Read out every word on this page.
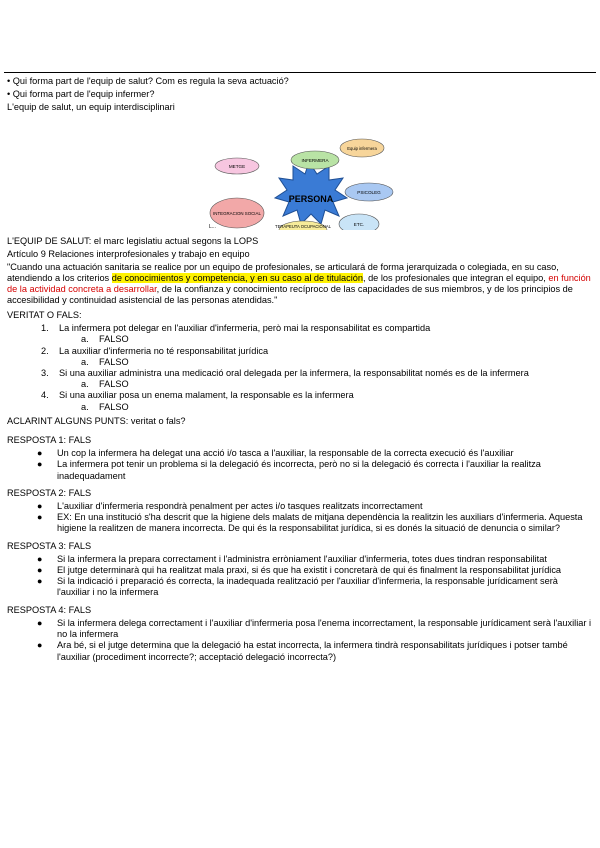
• Qui forma part de l'equip de salut? Com es regula la seva actuació?
• Qui forma part de l'equip infermer?
L'equip de salut, un equip interdisciplinari
PERSONA
METGE
INFERMERA
Equip infermera
PSICOLEG
INTEGRACION SOCIAL
TERAPEUTA OCUPACIONAL	ETC.
L...
L'EQUIP DE SALUT: el marc legislatiu actual segons la LOPS
Artículo 9 Relaciones interprofesionales y trabajo en equipo
"Cuando una actuación sanitaria se realice por un equipo de profesionales, se articulará de forma jerarquizada o colegiada, en su caso, atendiendo a los criterios de conocimientos y competencia, y en su caso al de titulación, de los profesionales que integran el equipo, en función de la actividad concreta a desarrollar, de la confianza y conocimiento recíproco de las capacidades de sus miembros, y de los principios de accesibilidad y continuidad asistencial de las personas atendidas."
VERITAT O FALS:
1. La infermera pot delegar en l'auxiliar d'infermeria, però mai la responsabilitat es compartida
a. FALSO
2. La auxiliar d'infermeria no té responsabilitat jurídica
a. FALSO
3. Si una auxiliar administra una medicació oral delegada per la infermera, la responsabilitat només es de la infermera
a. FALSO
4. Si una auxiliar posa un enema malament, la responsable es la infermera
a. FALSO
ACLARINT ALGUNS PUNTS: veritat o fals?
RESPOSTA 1: FALS
● Un cop la infermera ha delegat una acció i/o tasca a l'auxiliar, la responsable de la correcta execució és l'auxiliar
● La infermera pot tenir un problema si la delegació és incorrecta, però no si la delegació és correcta i l'auxiliar la realitza inadequadament
RESPOSTA 2: FALS
● L'auxiliar d'infermeria respondrà penalment per actes i/o tasques realitzats incorrectament
● EX: En una institució s'ha descrit que la higiene dels malats de mitjana dependència la realitzin les auxiliars d'infermeria. Aquesta higiene la realitzen de manera incorrecta. De qui és la responsabilitat jurídica, si es donés la situació de denuncia o similar?
RESPOSTA 3: FALS
● Si la infermera la prepara correctament i l'administra erròniament l'auxiliar d'infermeria, totes dues tindran responsabilitat
● El jutge determinarà qui ha realitzat mala praxi, si és que ha existit i concretarà de qui és finalment la responsabilitat jurídica
● Si la indicació i preparació és correcta, la inadequada realització per l'auxiliar d'infermeria, la responsable jurídicament serà l'auxiliar i no la infermera
RESPOSTA 4: FALS
● Si la infermera delega correctament i l'auxiliar d'infermeria posa l'enema incorrectament, la responsable jurídicament serà l'auxiliar i no la infermera
● Ara bé, si el jutge determina que la delegació ha estat incorrecta, la infermera tindrà responsabilitats jurídiques i potser també l'auxiliar (procediment incorrecte?; acceptació delegació incorrecta?)
